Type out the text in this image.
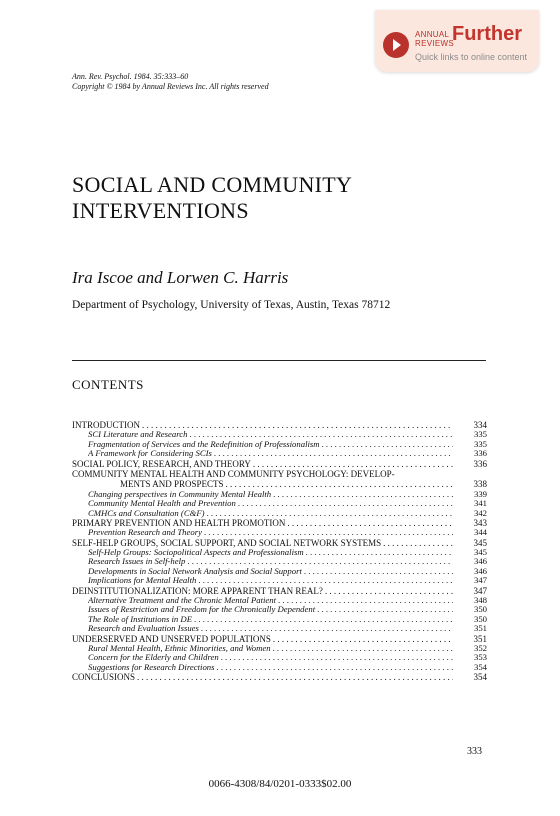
ANNUAL
REVIEWS
Further
Quick links to online content
Ann. Rev. Psychol. 1984. 35:333–60
Copyright © 1984 by Annual Reviews Inc. All rights reserved
SOCIAL AND COMMUNITY
INTERVENTIONS
Ira Iscoe and Lorwen C. Harris
Department of Psychology, University of Texas, Austin, Texas 78712
CONTENTS
INTRODUCTION . . .	334
SCI Literature and Research . . .	335
Fragmentation of Services and the Redefinition of Professionalism . . .	335
A Framework for Considering SCIs . . .	336
SOCIAL POLICY, RESEARCH, AND THEORY . . .	336
COMMUNITY MENTAL HEALTH AND COMMUNITY PSYCHOLOGY: DEVELOP-
MENTS AND PROSPECTS . . .	338
Changing perspectives in Community Mental Health . . .	339
Community Mental Health and Prevention . . .	341
CMHCs and Consultation (C&F) . . .	342
PRIMARY PREVENTION AND HEALTH PROMOTION . . .	343
Prevention Research and Theory . . .	344
SELF-HELP GROUPS, SOCIAL SUPPORT, AND SOCIAL NETWORK SYSTEMS . . .	345
Self-Help Groups: Sociopolitical Aspects and Professionalism . . .	345
Research Issues in Self-help . . .	346
Developments in Social Network Analysis and Social Support . . .	346
Implications for Mental Health . . .	347
DEINSTITUTIONALIZATION: MORE APPARENT THAN REAL? . . .	347
Alternative Treatment and the Chronic Mental Patient . . .	348
Issues of Restriction and Freedom for the Chronically Dependent . . .	350
The Role of Institutions in DE . . .	350
Research and Evaluation Issues . . .	351
UNDERSERVED AND UNSERVED POPULATIONS . . .	351
Rural Mental Health, Ethnic Minorities, and Women . . .	352
Concern for the Elderly and Children . . .	353
Suggestions for Research Directions . . .	354
CONCLUSIONS . . .	354
333
0066-4308/84/0201-0333$02.00
